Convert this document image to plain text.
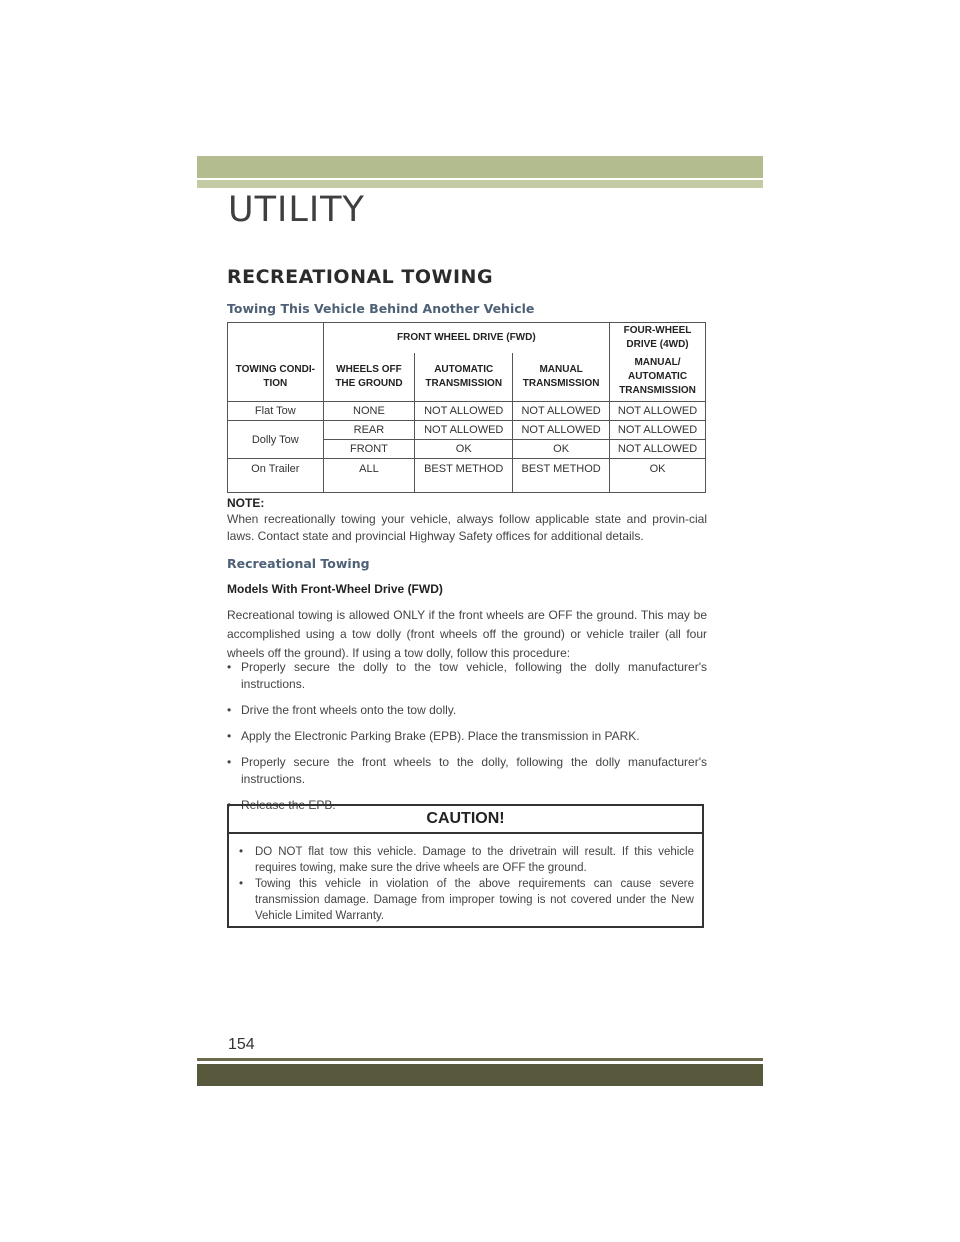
UTILITY
RECREATIONAL TOWING
Towing This Vehicle Behind Another Vehicle
	FRONT WHEEL DRIVE (FWD)			FOUR-WHEEL DRIVE (4WD)
TOWING CONDI- TION	WHEELS OFF THE GROUND	AUTOMATIC TRANSMISSION	MANUAL TRANSMISSION	MANUAL/ AUTOMATIC TRANSMISSION
Flat Tow	NONE	NOT ALLOWED	NOT ALLOWED	NOT ALLOWED
Dolly Tow	REAR	NOT ALLOWED	NOT ALLOWED	NOT ALLOWED
	FRONT	OK	OK	NOT ALLOWED
On Trailer	ALL	BEST METHOD	BEST METHOD	OK
NOTE:
When recreationally towing your vehicle, always follow applicable state and provin-cial laws. Contact state and provincial Highway Safety offices for additional details.
Recreational Towing
Models With Front-Wheel Drive (FWD)
Recreational towing is allowed ONLY if the front wheels are OFF the ground. This may be accomplished using a tow dolly (front wheels off the ground) or vehicle trailer (all four wheels off the ground). If using a tow dolly, follow this procedure:
• Properly secure the dolly to the tow vehicle, following the dolly manufacturer's instructions.
• Drive the front wheels onto the tow dolly.
• Apply the Electronic Parking Brake (EPB). Place the transmission in PARK.
• Properly secure the front wheels to the dolly, following the dolly manufacturer's instructions.
• Release the EPB.
CAUTION!
• DO NOT flat tow this vehicle. Damage to the drivetrain will result. If this vehicle requires towing, make sure the drive wheels are OFF the ground.
• Towing this vehicle in violation of the above requirements can cause severe transmission damage. Damage from improper towing is not covered under the New Vehicle Limited Warranty.
154
